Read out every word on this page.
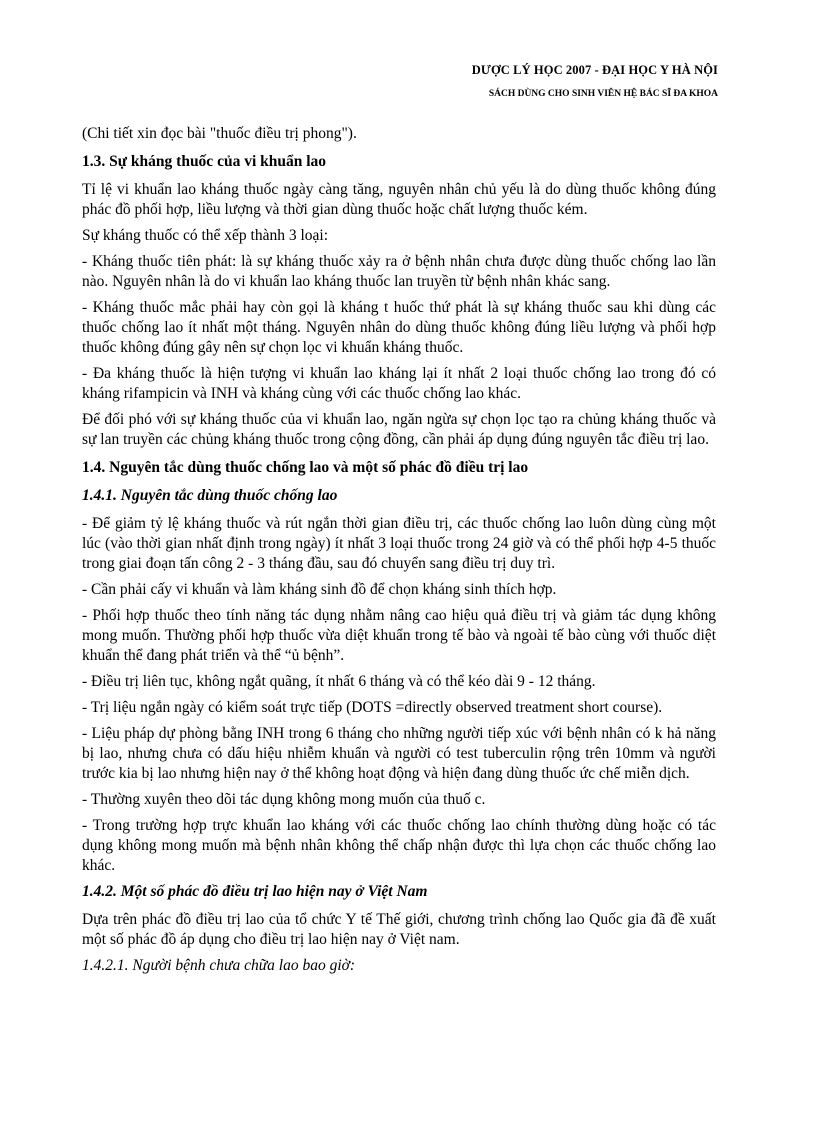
DƯỢC LÝ HỌC 2007 - ĐẠI HỌC Y HÀ NỘI
SÁCH DÙNG CHO SINH VIÊN HỆ BÁC SĨ ĐA KHOA

(Chi tiết xin đọc bài "thuốc điều trị phong").

1.3. Sự kháng thuốc của vi khuẩn lao

Tỉ lệ vi khuẩn lao kháng thuốc ngày càng tăng, nguyên nhân chủ yếu là do dùng thuốc không đúng phác đồ phối hợp, liều lượng và thời gian dùng thuốc hoặc chất lượng thuốc kém.

Sự kháng thuốc có thể xếp thành 3 loại:

- Kháng thuốc tiên phát: là sự kháng thuốc xảy ra ở bệnh nhân chưa được dùng thuốc chống lao lần nào. Nguyên nhân là do vi khuẩn lao kháng thuốc lan truyền từ bệnh nhân khác sang.

- Kháng thuốc mắc phải hay còn gọi là kháng t huốc thứ phát là sự kháng thuốc sau khi dùng các thuốc chống lao ít nhất một tháng. Nguyên nhân do dùng thuốc không đúng liều lượng và phối hợp thuốc không đúng gây nên sự chọn lọc vi khuẩn kháng thuốc.

- Đa kháng thuốc là hiện tượng vi khuẩn lao kháng lại ít nhất 2 loại thuốc chống lao trong đó có kháng rifampicin và INH và kháng cùng với các thuốc chống lao khác.

Để đối phó với sự kháng thuốc của vi khuẩn lao, ngăn ngừa sự chọn lọc tạo ra chủng kháng thuốc và sự lan truyền các chủng kháng thuốc trong cộng đồng, cần phải áp dụng đúng nguyên tắc điều trị lao.

1.4. Nguyên tắc dùng thuốc chống lao và một số phác đồ điều trị lao

1.4.1. Nguyên tắc dùng thuốc chống lao

- Để giảm tỷ lệ kháng thuốc và rút ngắn thời gian điều trị, các thuốc chống lao luôn dùng cùng một lúc (vào thời gian nhất định trong ngày) ít nhất 3 loại thuốc trong 24 giờ và có thể phối hợp 4-5 thuốc trong giai đoạn tấn công 2 - 3 tháng đầu, sau đó chuyển sang điều trị duy trì.

- Cần phải cấy vi khuẩn và làm kháng sinh đồ để chọn kháng sinh thích hợp.

- Phối hợp thuốc theo tính năng tác dụng nhằm nâng cao hiệu quả điều trị và giảm tác dụng không mong muốn. Thường phối hợp thuốc vừa diệt khuẩn trong tế bào và ngoài tế bào cùng với thuốc diệt khuẩn thể đang phát triển và thể “ủ bệnh”.

- Điều trị liên tục, không ngắt quãng, ít nhất 6 tháng và có thể kéo dài 9 - 12 tháng.

- Trị liệu ngắn ngày có kiểm soát trực tiếp (DOTS =directly observed treatment short course).

- Liệu pháp dự phòng bằng INH trong 6 tháng cho những người tiếp xúc với bệnh nhân có k hả năng bị lao, nhưng chưa có dấu hiệu nhiễm khuẩn và người có test tuberculin rộng trên 10mm và người trước kia bị lao nhưng hiện nay ở thể không hoạt động và hiện đang dùng thuốc ức chế miễn dịch.

- Thường xuyên theo dõi tác dụng không mong muốn của thuố c.

- Trong trường hợp trực khuẩn lao kháng với các thuốc chống lao chính thường dùng hoặc có tác dụng không mong muốn mà bệnh nhân không thể chấp nhận được thì lựa chọn các thuốc chống lao khác.

1.4.2. Một số phác đồ điều trị lao hiện nay ở Việt Nam

Dựa trên phác đồ điều trị lao của tổ chức Y tế Thế giới, chương trình chống lao Quốc gia đã đề xuất một số phác đồ áp dụng cho điều trị lao hiện nay ở Việt nam.

1.4.2.1. Người bệnh chưa chữa lao bao giờ:
